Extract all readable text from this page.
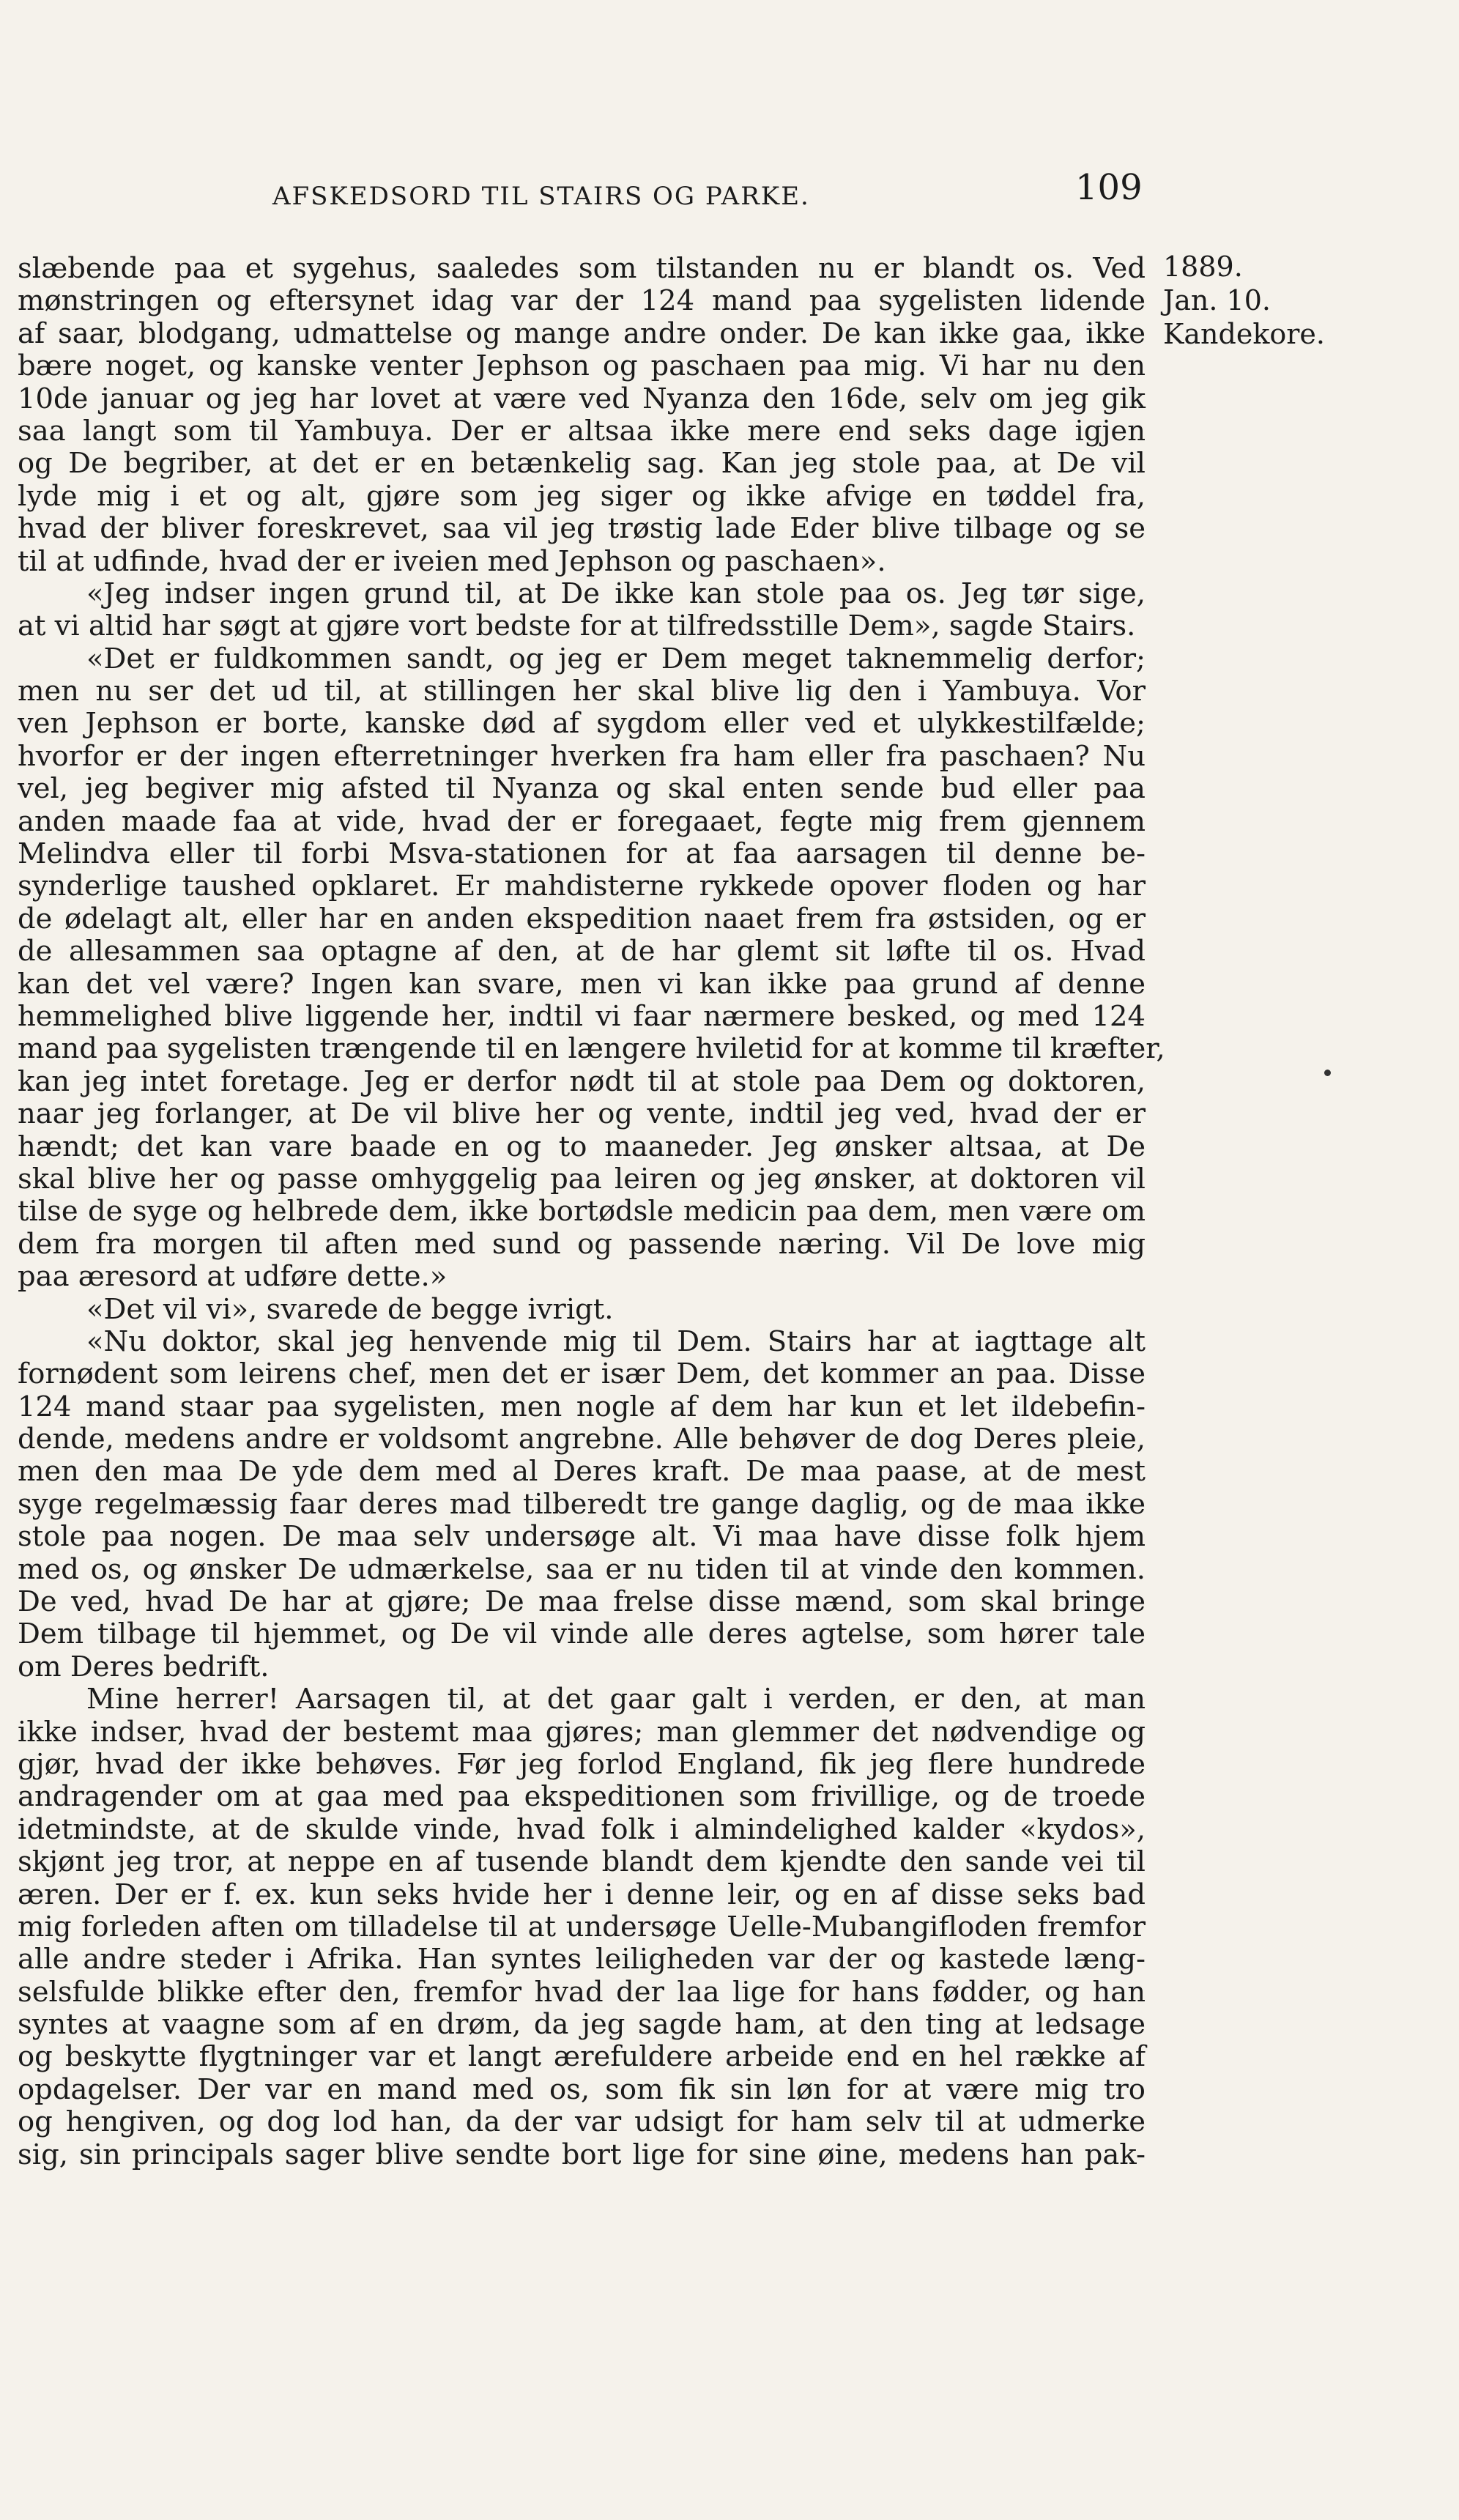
AFSKEDSORD TIL STAIRS OG PARKE.	109
1889.
Jan. 10.
Kandekore.
slæbende paa et sygehus, saaledes som tilstanden nu er blandt os. Ved
mønstringen og eftersynet idag var der 124 mand paa sygelisten lidende
af saar, blodgang, udmattelse og mange andre onder. De kan ikke gaa, ikke
bære noget, og kanske venter Jephson og paschaen paa mig. Vi har nu den
10de januar og jeg har lovet at være ved Nyanza den 16de, selv om jeg gik
saa langt som til Yambuya. Der er altsaa ikke mere end seks dage igjen
og De begriber, at det er en betænkelig sag. Kan jeg stole paa, at De vil
lyde mig i et og alt, gjøre som jeg siger og ikke afvige en tøddel fra,
hvad der bliver foreskrevet, saa vil jeg trøstig lade Eder blive tilbage og se
til at udfinde, hvad der er iveien med Jephson og paschaen».
«Jeg indser ingen grund til, at De ikke kan stole paa os. Jeg tør sige,
at vi altid har søgt at gjøre vort bedste for at tilfredsstille Dem», sagde Stairs.
«Det er fuldkommen sandt, og jeg er Dem meget taknemmelig derfor;
men nu ser det ud til, at stillingen her skal blive lig den i Yambuya. Vor
ven Jephson er borte, kanske død af sygdom eller ved et ulykkestilfælde;
hvorfor er der ingen efterretninger hverken fra ham eller fra paschaen? Nu
vel, jeg begiver mig afsted til Nyanza og skal enten sende bud eller paa
anden maade faa at vide, hvad der er foregaaet, fegte mig frem gjennem
Melindva eller til forbi Msva-stationen for at faa aarsagen til denne be-
synderlige taushed opklaret. Er mahdisterne rykkede opover floden og har
de ødelagt alt, eller har en anden ekspedition naaet frem fra østsiden, og er
de allesammen saa optagne af den, at de har glemt sit løfte til os. Hvad
kan det vel være? Ingen kan svare, men vi kan ikke paa grund af denne
hemmelighed blive liggende her, indtil vi faar nærmere besked, og med 124
mand paa sygelisten trængende til en længere hviletid for at komme til kræfter,
kan jeg intet foretage. Jeg er derfor nødt til at stole paa Dem og doktoren,
naar jeg forlanger, at De vil blive her og vente, indtil jeg ved, hvad der er
hændt; det kan vare baade en og to maaneder. Jeg ønsker altsaa, at De
skal blive her og passe omhyggelig paa leiren og jeg ønsker, at doktoren vil
tilse de syge og helbrede dem, ikke bortødsle medicin paa dem, men være om
dem fra morgen til aften med sund og passende næring. Vil De love mig
paa æresord at udføre dette.»
«Det vil vi», svarede de begge ivrigt.
«Nu doktor, skal jeg henvende mig til Dem. Stairs har at iagttage alt
fornødent som leirens chef, men det er især Dem, det kommer an paa. Disse
124 mand staar paa sygelisten, men nogle af dem har kun et let ildebefin-
dende, medens andre er voldsomt angrebne. Alle behøver de dog Deres pleie,
men den maa De yde dem med al Deres kraft. De maa paase, at de mest
syge regelmæssig faar deres mad tilberedt tre gange daglig, og de maa ikke
stole paa nogen. De maa selv undersøge alt. Vi maa have disse folk hjem
med os, og ønsker De udmærkelse, saa er nu tiden til at vinde den kommen.
De ved, hvad De har at gjøre; De maa frelse disse mænd, som skal bringe
Dem tilbage til hjemmet, og De vil vinde alle deres agtelse, som hører tale
om Deres bedrift.
Mine herrer! Aarsagen til, at det gaar galt i verden, er den, at man
ikke indser, hvad der bestemt maa gjøres; man glemmer det nødvendige og
gjør, hvad der ikke behøves. Før jeg forlod England, fik jeg flere hundrede
andragender om at gaa med paa ekspeditionen som frivillige, og de troede
idetmindste, at de skulde vinde, hvad folk i almindelighed kalder «kydos»,
skjønt jeg tror, at neppe en af tusende blandt dem kjendte den sande vei til
æren. Der er f. ex. kun seks hvide her i denne leir, og en af disse seks bad
mig forleden aften om tilladelse til at undersøge Uelle-Mubangifloden fremfor
alle andre steder i Afrika. Han syntes leiligheden var der og kastede læng-
selsfulde blikke efter den, fremfor hvad der laa lige for hans fødder, og han
syntes at vaagne som af en drøm, da jeg sagde ham, at den ting at ledsage
og beskytte flygtninger var et langt ærefuldere arbeide end en hel række af
opdagelser. Der var en mand med os, som fik sin løn for at være mig tro
og hengiven, og dog lod han, da der var udsigt for ham selv til at udmerke
sig, sin principals sager blive sendte bort lige for sine øine, medens han pak-
